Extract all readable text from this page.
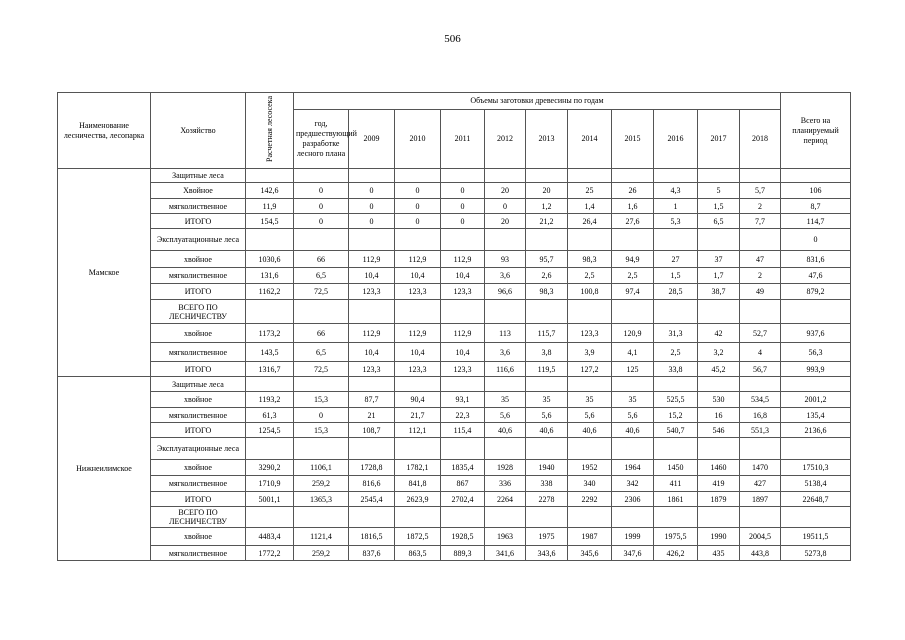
506
Наименование лесничества, лесопарка	Хозяйство	Расчетная лесосека	Объемы заготовки древесины по годам											Всего на планируемый период
			год, предшествующий разработке лесного плана	2009	2010	2011	2012	2013	2014	2015	2016	2017	2018	
Мамское	Защитные леса													
	Хвойное	142,6	0	0	0	0	20	20	25	26	4,3	5	5,7	106
	мягколиственное	11,9	0	0	0	0	0	1,2	1,4	1,6	1	1,5	2	8,7
	ИТОГО	154,5	0	0	0	0	20	21,2	26,4	27,6	5,3	6,5	7,7	114,7
	Эксплуатационные леса													0
	хвойное	1030,6	66	112,9	112,9	112,9	93	95,7	98,3	94,9	27	37	47	831,6
	мягколиственное	131,6	6,5	10,4	10,4	10,4	3,6	2,6	2,5	2,5	1,5	1,7	2	47,6
	ИТОГО	1162,2	72,5	123,3	123,3	123,3	96,6	98,3	100,8	97,4	28,5	38,7	49	879,2
	ВСЕГО ПО ЛЕСНИЧЕСТВУ													
	хвойное	1173,2	66	112,9	112,9	112,9	113	115,7	123,3	120,9	31,3	42	52,7	937,6
	мягколиственное	143,5	6,5	10,4	10,4	10,4	3,6	3,8	3,9	4,1	2,5	3,2	4	56,3
	ИТОГО	1316,7	72,5	123,3	123,3	123,3	116,6	119,5	127,2	125	33,8	45,2	56,7	993,9
Нижнеилимское	Защитные леса													
	хвойное	1193,2	15,3	87,7	90,4	93,1	35	35	35	35	525,5	530	534,5	2001,2
	мягколиственное	61,3	0	21	21,7	22,3	5,6	5,6	5,6	5,6	15,2	16	16,8	135,4
	ИТОГО	1254,5	15,3	108,7	112,1	115,4	40,6	40,6	40,6	40,6	540,7	546	551,3	2136,6
	Эксплуатационные леса													
	хвойное	3290,2	1106,1	1728,8	1782,1	1835,4	1928	1940	1952	1964	1450	1460	1470	17510,3
	мягколиственное	1710,9	259,2	816,6	841,8	867	336	338	340	342	411	419	427	5138,4
	ИТОГО	5001,1	1365,3	2545,4	2623,9	2702,4	2264	2278	2292	2306	1861	1879	1897	22648,7
	ВСЕГО ПО ЛЕСНИЧЕСТВУ													
	хвойное	4483,4	1121,4	1816,5	1872,5	1928,5	1963	1975	1987	1999	1975,5	1990	2004,5	19511,5
	мягколиственное	1772,2	259,2	837,6	863,5	889,3	341,6	343,6	345,6	347,6	426,2	435	443,8	5273,8
